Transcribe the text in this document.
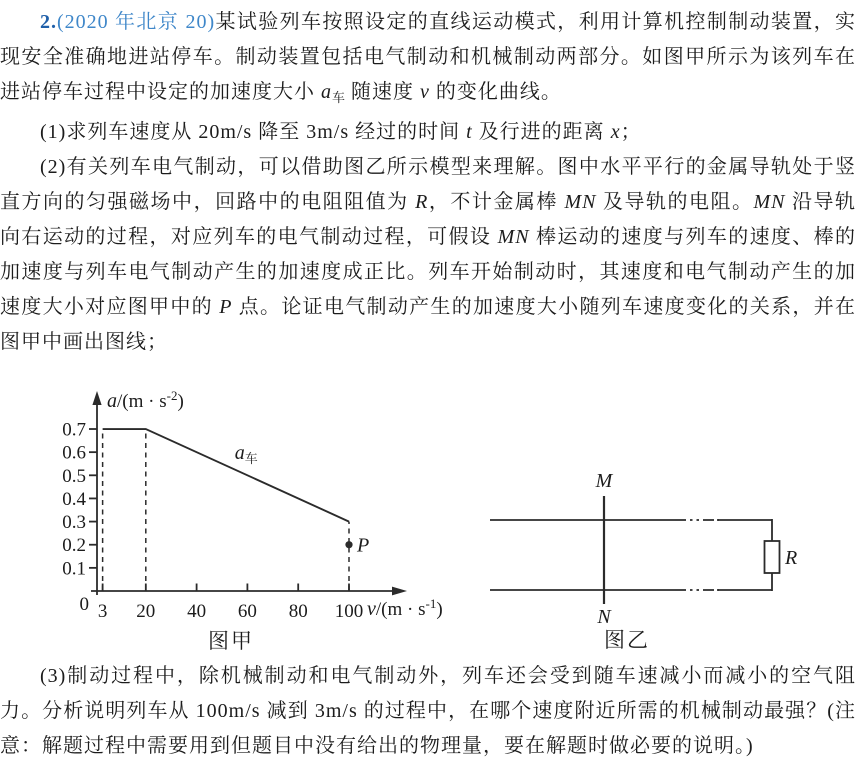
2.(2020 年北京 20)某试验列车按照设定的直线运动模式，利用计算机控制制动装置，实现安全准确地进站停车。制动装置包括电气制动和机械制动两部分。如图甲所示为该列车在进站停车过程中设定的加速度大小 $a_车$ 随速度 v 的变化曲线。

(1)求列车速度从 20m/s 降至 3m/s 经过的时间 t 及行进的距离 x；

(2)有关列车电气制动，可以借助图乙所示模型来理解。图中水平平行的金属导轨处于竖直方向的匀强磁场中，回路中的电阻阻值为 R，不计金属棒 MN 及导轨的电阻。MN 沿导轨向右运动的过程，对应列车的电气制动过程，可假设 MN 棒运动的速度与列车的速度、棒的加速度与列车电气制动产生的加速度成正比。列车开始制动时，其速度和电气制动产生的加速度大小对应图甲中的 P 点。论证电气制动产生的加速度大小随列车速度变化的关系，并在图甲中画出图线；

0.1
0.2
0.3
0.4
0.5
0.6
0.7
3 20 40 60 80 100
0
$a_车$
P
$a/(m \cdot s^{-2})$
$v/(m \cdot s^{-1})$
图甲
M
R
N
图乙

(3)制动过程中，除机械制动和电气制动外，列车还会受到随车速减小而减小的空气阻力。分析说明列车从 100m/s 减到 3m/s 的过程中，在哪个速度附近所需的机械制动最强？(注意：解题过程中需要用到但题目中没有给出的物理量，要在解题时做必要的说明。)
